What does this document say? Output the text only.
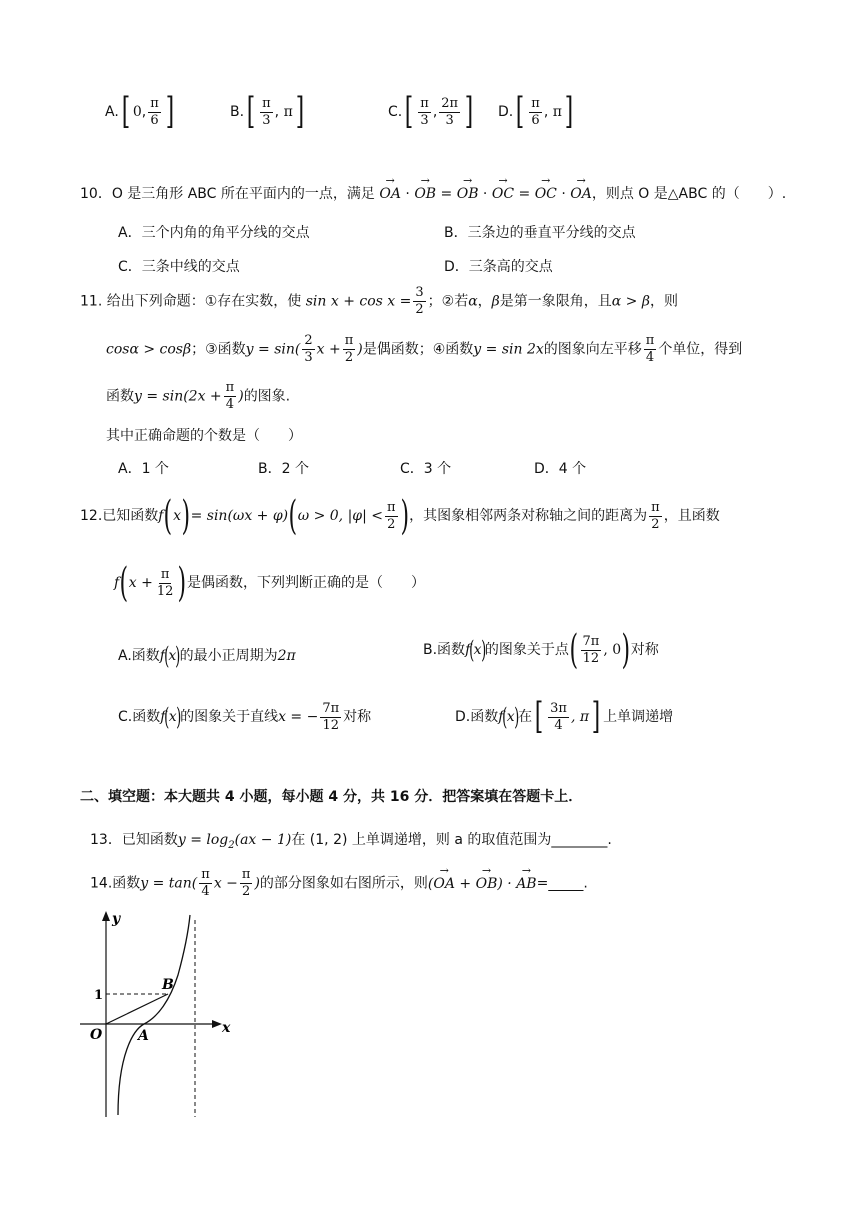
A.[ 0, $\frac{\pi}{6}$ ]	$B.[ \frac{\pi}{3}$ , π]	$C.[ \frac{\pi}{3}$ , $\frac{2\pi}{3}$ ] $D.[ \frac{\pi}{6}$ , π]
10．O 是三角形 ABC 所在平面内的一点，满足 → OA · → OB = → OB · → OC = → OC · → OA，则点 O 是△ABC 的（　　）.
A．三个内角的角平分线的交点	B．三条边的垂直平分线的交点
C．三条中线的交点	D．三条高的交点
11. 给出下列命题：①存在实数，使 $\sin x + \cos x = \frac{3}{2}$ ；②若α，β是第一象限角，且α > β，则
cosα > cosβ；③函数$y = \sin( \frac{2}{3}$ $x + \frac{\pi}{2}$ )是偶函数；④函数y = sin 2x的图象向左平移 $\frac{\pi}{4}$ 个单位，得到
函数$y = \sin(2x + \frac{\pi}{4}$ )的图象.
其中正确命题的个数是（　　）
A．1 个	B．2 个	C．3 个	D．4 个
12.已知函数f(x)= sin(ωx + φ)(ω > 0, $|\varphi| < \frac{\pi}{2}$ )，其图象相邻两条对称轴之间的距离为 $\frac{\pi}{2}$ ，且函数
$f(x + \frac{\pi}{12}$ )是偶函数，下列判断正确的是（　　）
A.函数f(x)的最小正周期为2π	B.函数f(x)的图象关于点( $\frac{7\pi}{12}$ , 0)对称
C.函数f(x)的图象关于直线x = − $\frac{7\pi}{12}$ 对称	D.函数f(x)在[ $\frac{3\pi}{4}$ , π] 上单调递增
二、填空题：本大题共 4 小题，每小题 4 分，共 16 分．把答案填在答题卡上．
13．已知函数$y = \log_2(ax - 1)$在 (1, 2) 上单调递增，则 a 的取值范围为________.
14.函数$y = \tan( \frac{\pi}{4}$ $x - \frac{\pi}{2}$ )的部分图象如右图所示，则(→ OA + → OB) · → AB=_____.
y
x
O	A
B
1
